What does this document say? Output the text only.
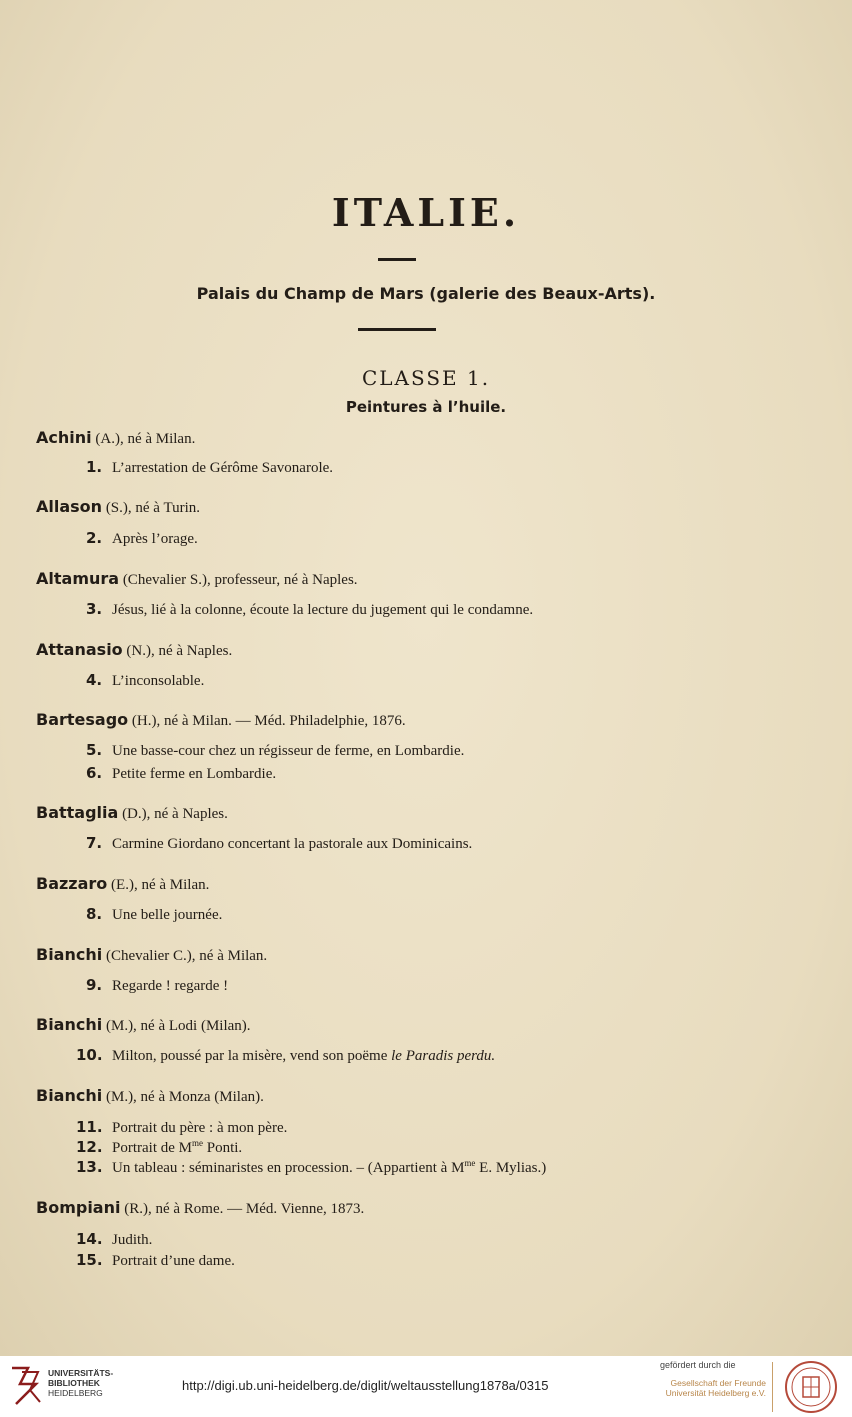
ITALIE.
Palais du Champ de Mars (galerie des Beaux-Arts).
CLASSE 1.
Peintures à l’huile.
Achini (A.), né à Milan.
1. L’arrestation de Gérôme Savonarole.
Allason (S.), né à Turin.
2. Après l’orage.
Altamura (Chevalier S.), professeur, né à Naples.
3. Jésus, lié à la colonne, écoute la lecture du jugement qui le condamne.
Attanasio (N.), né à Naples.
4. L’inconsolable.
Bartesago (H.), né à Milan. — Méd. Philadelphie, 1876.
5. Une basse-cour chez un régisseur de ferme, en Lombardie.
6. Petite ferme en Lombardie.
Battaglia (D.), né à Naples.
7. Carmine Giordano concertant la pastorale aux Dominicains.
Bazzaro (E.), né à Milan.
8. Une belle journée.
Bianchi (Chevalier C.), né à Milan.
9. Regarde ! regarde !
Bianchi (M.), né à Lodi (Milan).
10. Milton, poussé par la misère, vend son poëme le Paradis perdu.
Bianchi (M.), né à Monza (Milan).
11. Portrait du père : à mon père.
12. Portrait de $M^{me}$ Ponti.
13. Un tableau : séminaristes en procession. – (Appartient à $M^{me}$ E. Mylias.)
Bompiani (R.), né à Rome. — Méd. Vienne, 1873.
14. Judith.
15. Portrait d’une dame.
UNIVERSITÄTS-
BIBLIOTHEK
HEIDELBERG	http://digi.ub.uni-heidelberg.de/diglit/weltausstellung1878a/0315
gefördert durch die
Gesellschaft der Freunde
Universität Heidelberg e.V.
